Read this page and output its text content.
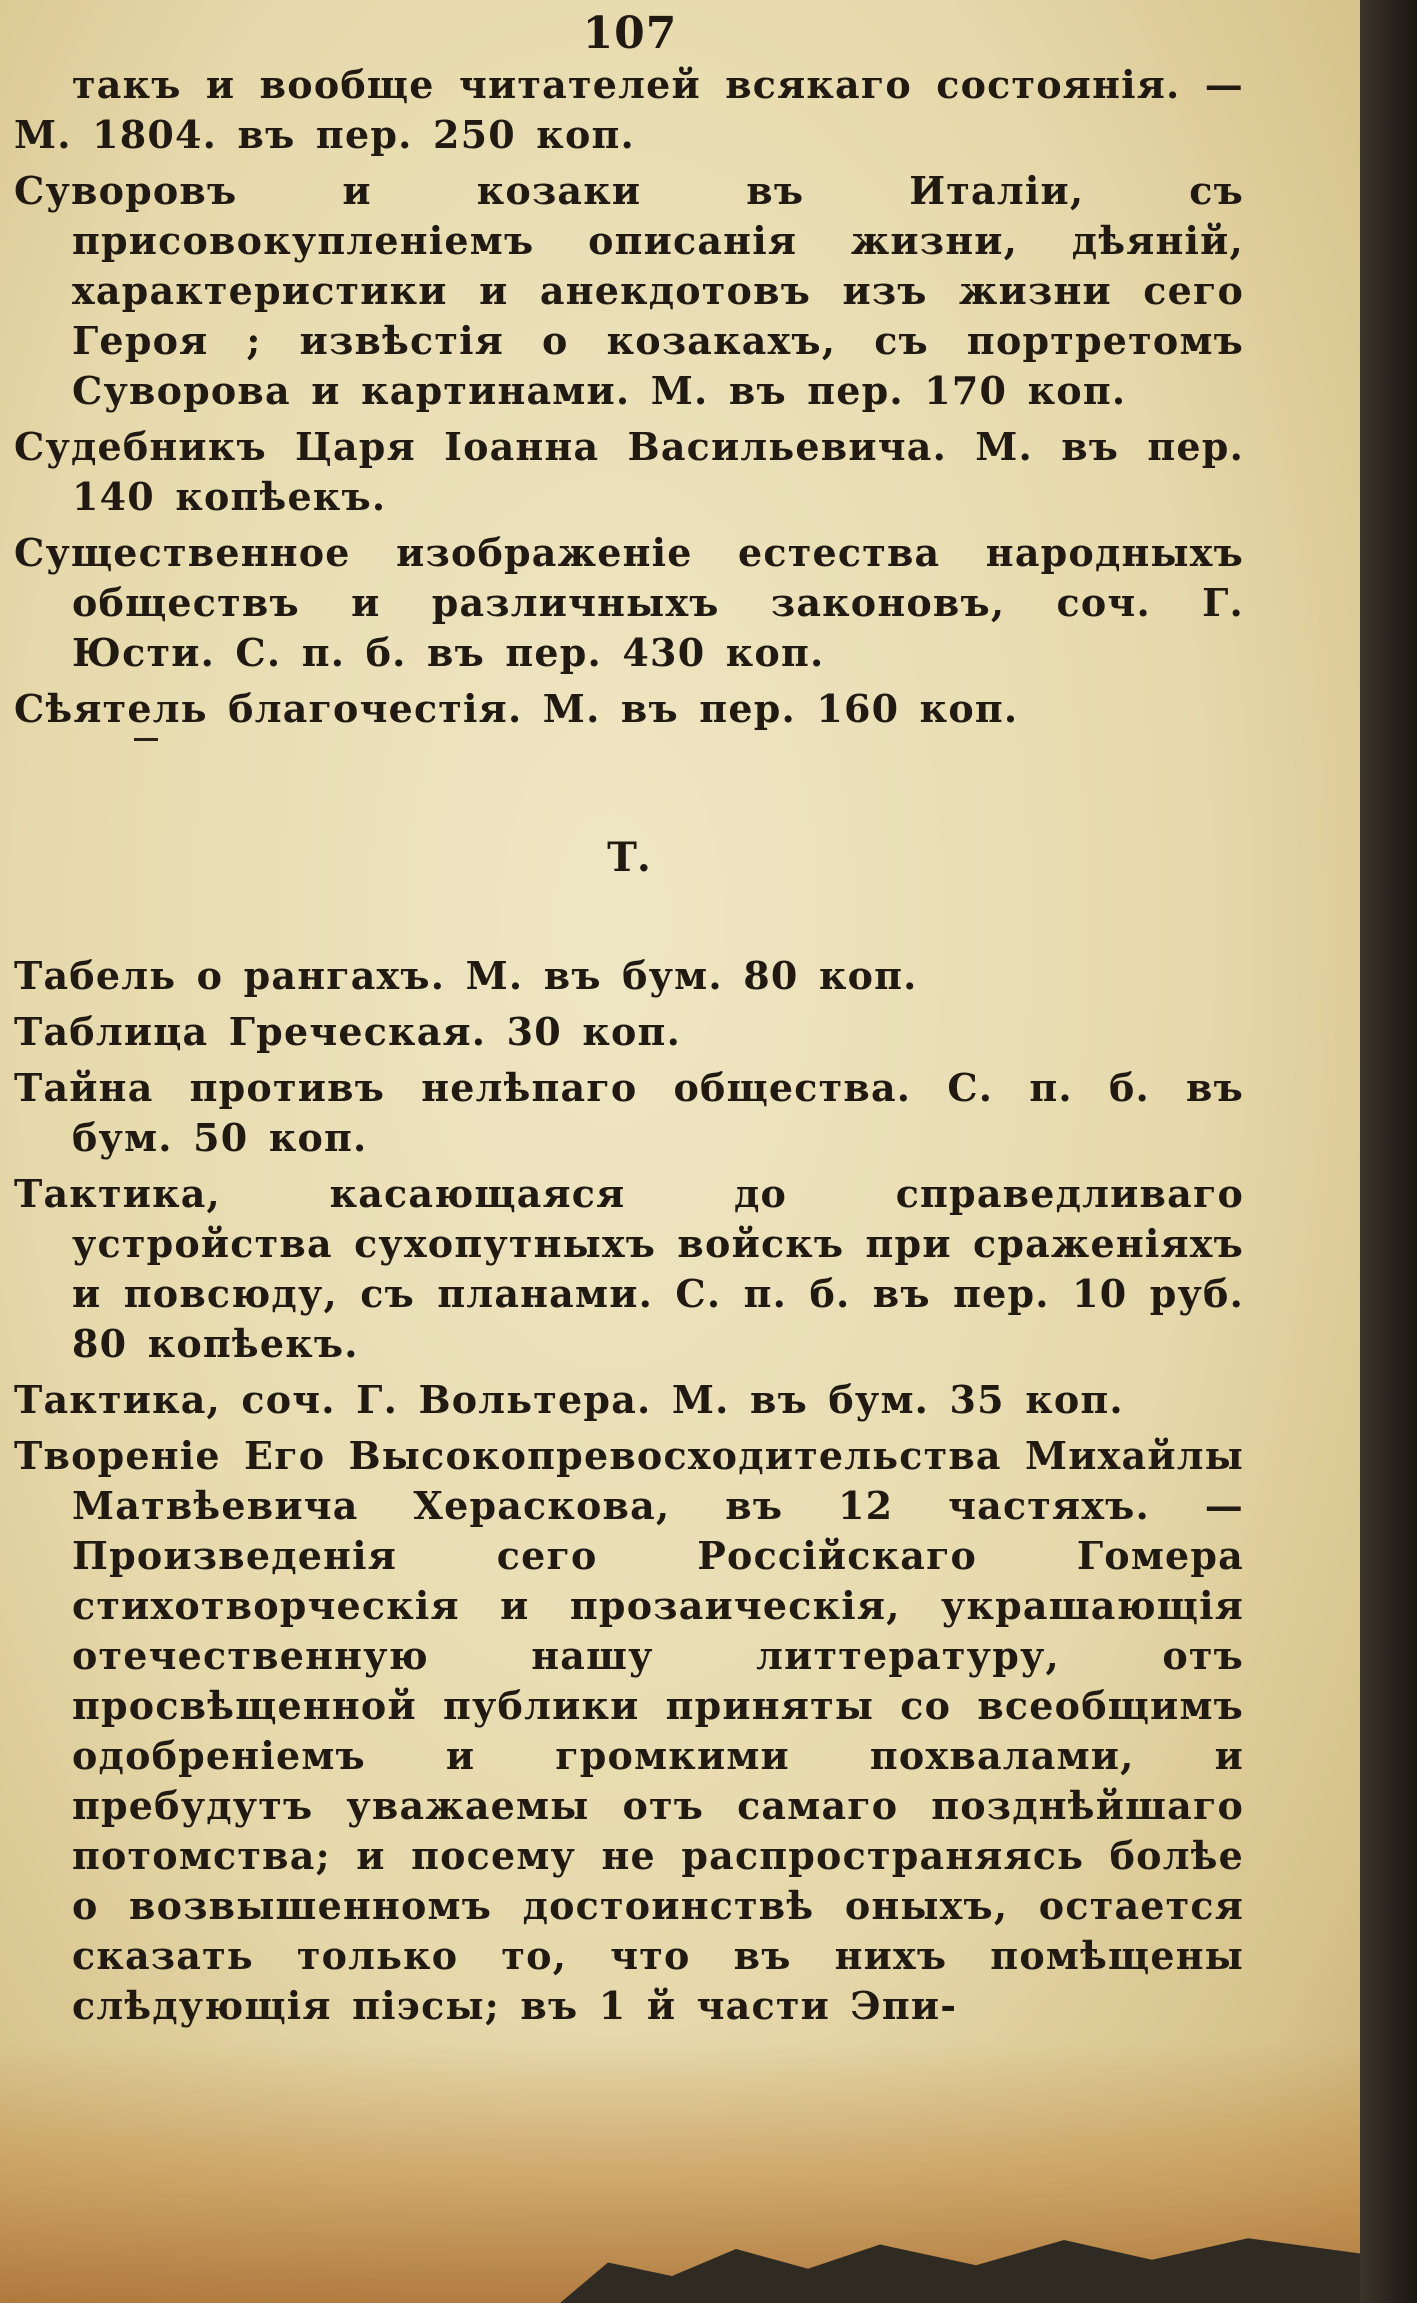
107
такъ и вообще читателей всякаго состоянія. — М. 1804. въ пер. 250 коп.
Суворовъ и козаки въ Италіи, съ присовокупленіемъ описанія жизни, дѣяній, характеристики и анекдотовъ изъ жизни сего Героя ; извѣстія о козакахъ, съ портретомъ Суворова и картинами. М. въ пер. 170 коп.
Судебникъ Царя Іоанна Васильевича. М. въ пер. 140 копѣекъ.
Существенное изображеніе естества народныхъ обществъ и различныхъ законовъ, соч. Г. Юсти. С. п. б. въ пер. 430 коп.
Сѣятель благочестія. М. въ пер. 160 коп.
Т.
Табель о рангахъ. М. въ бум. 80 коп.
Таблица Греческая. 30 коп.
Тайна противъ нелѣпаго общества. С. п. б. въ бум. 50 коп.
Тактика, касающаяся до справедливаго устройства сухопутныхъ войскъ при сраженіяхъ и повсюду, съ планами. С. п. б. въ пер. 10 руб. 80 копѣекъ.
Тактика, соч. Г. Вольтера. М. въ бум. 35 коп.
Твореніе Его Высокопревосходительства Михайлы Матвѣевича Хераскова, въ 12 частяхъ. — Произведенія сего Россійскаго Гомера стихотворческія и прозаическія, украшающія отечественную нашу литтературу, отъ просвѣщенной публики приняты со всеобщимъ одобреніемъ и громкими похвалами, и пребудутъ уважаемы отъ самаго позднѣйшаго потомства; и посему не распространяясь болѣе о возвышенномъ достоинствѣ оныхъ, остается сказать только то, что въ нихъ помѣщены слѣдующія піэсы; въ 1 й части Эпи-
